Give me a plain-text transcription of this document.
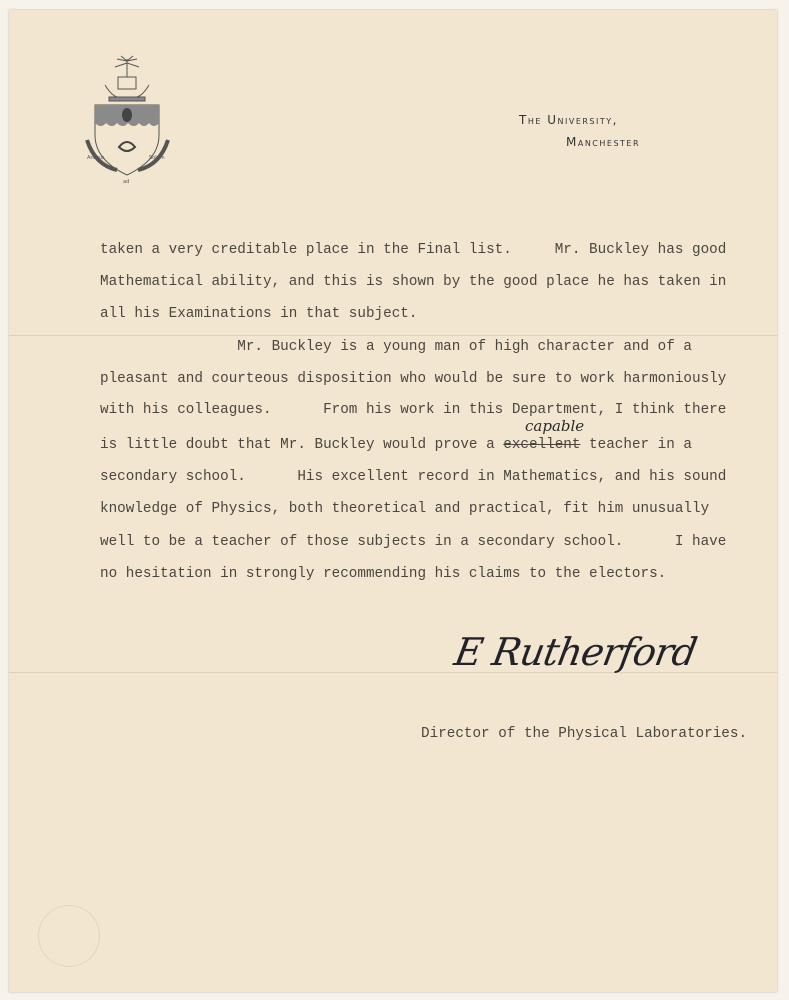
Arduus
ad
Solem
The University,
Manchester
taken a very creditable place in the Final list.     Mr. Buckley has good
Mathematical ability, and this is shown by the good place he has taken in
all his Examinations in that subject.
Mr. Buckley is a young man of high character and of a
pleasant and courteous disposition who would be sure to work harmoniously
with his colleagues.      From his work in this Department, I think there
capable
is little doubt that Mr. Buckley would prove a excellent teacher in a
secondary school.      His excellent record in Mathematics, and his sound
knowledge of Physics, both theoretical and practical, fit him unusually
well to be a teacher of those subjects in a secondary school.      I have
no hesitation in strongly recommending his claims to the electors.
E Rutherford
Director of the Physical Laboratories.
